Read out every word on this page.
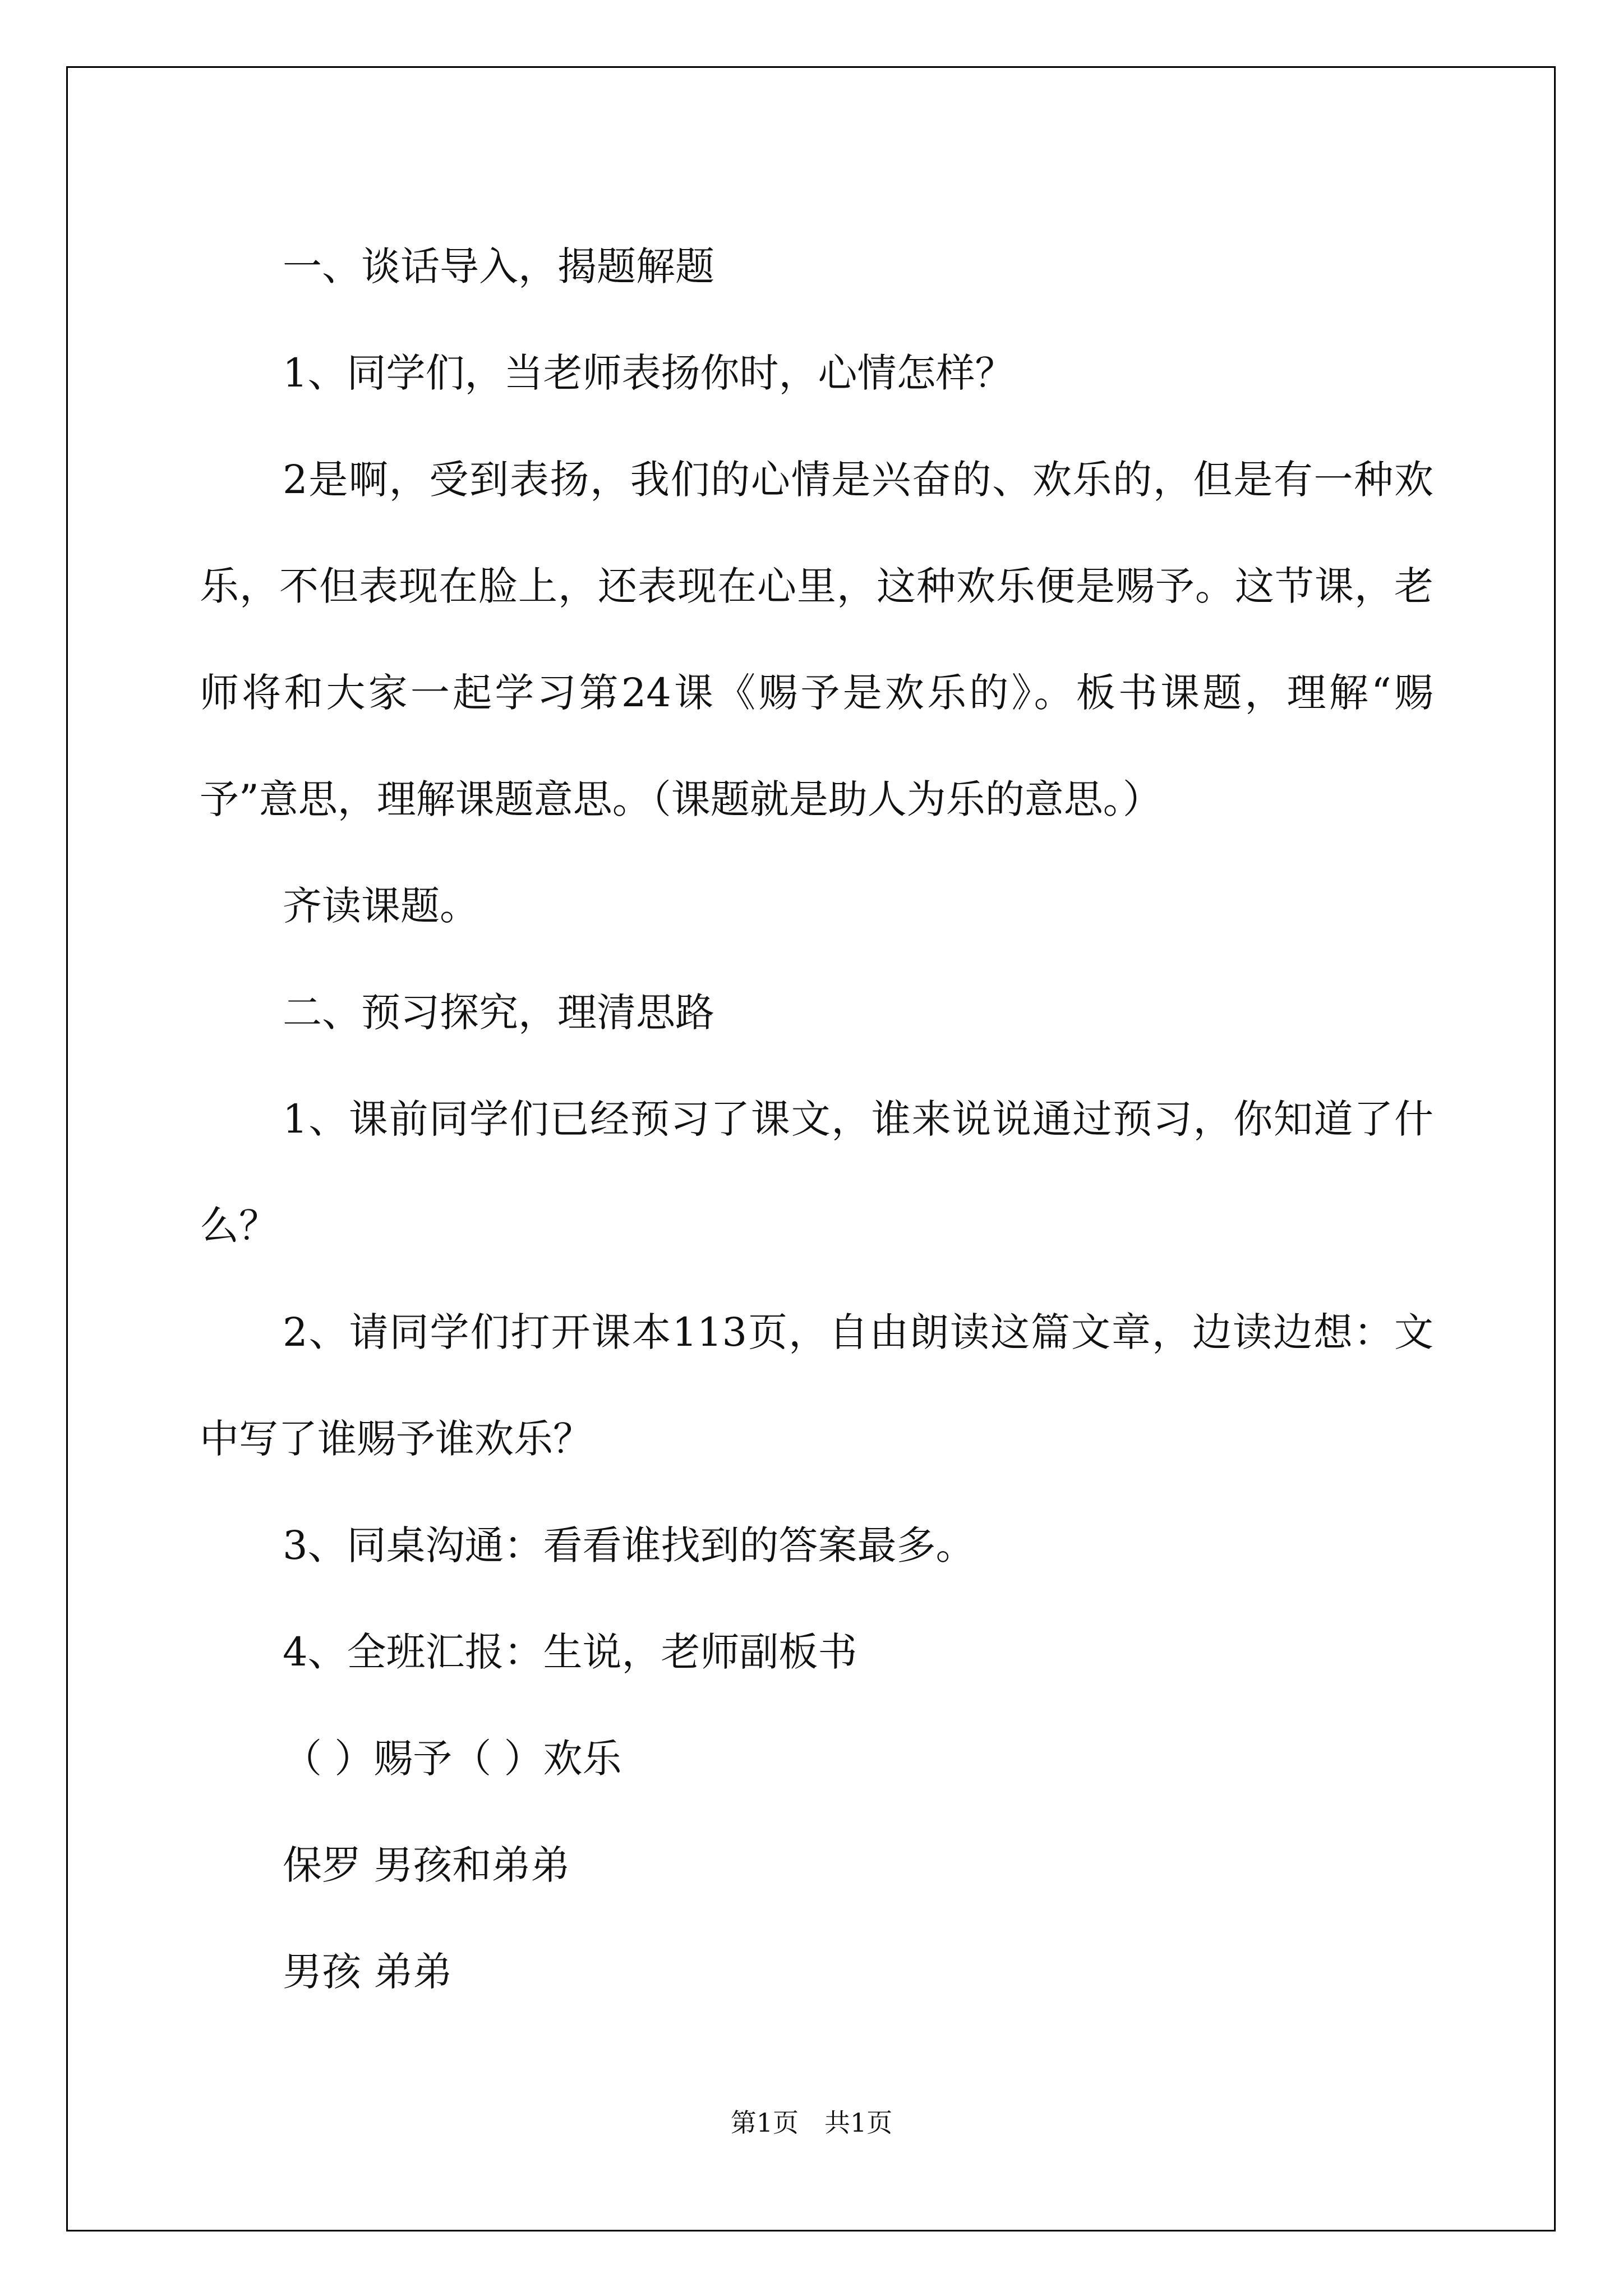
一、谈话导入，揭题解题

1、同学们，当老师表扬你时，心情怎样？

2是啊，受到表扬，我们的心情是兴奋的、欢乐的，但是有一种欢乐，不但表现在脸上，还表现在心里，这种欢乐便是赐予。这节课，老师将和大家一起学习第24课《赐予是欢乐的》。板书课题，理解“赐予”意思，理解课题意思。（课题就是助人为乐的意思。）

齐读课题。

二、预习探究，理清思路

1、课前同学们已经预习了课文，谁来说说通过预习，你知道了什么？

2、请同学们打开课本113页，自由朗读这篇文章，边读边想：文中写了谁赐予谁欢乐？

3、同桌沟通：看看谁找到的答案最多。

4、全班汇报：生说，老师副板书

（ ）赐予（ ）欢乐

保罗 男孩和弟弟

男孩 弟弟

第1页　共1页
